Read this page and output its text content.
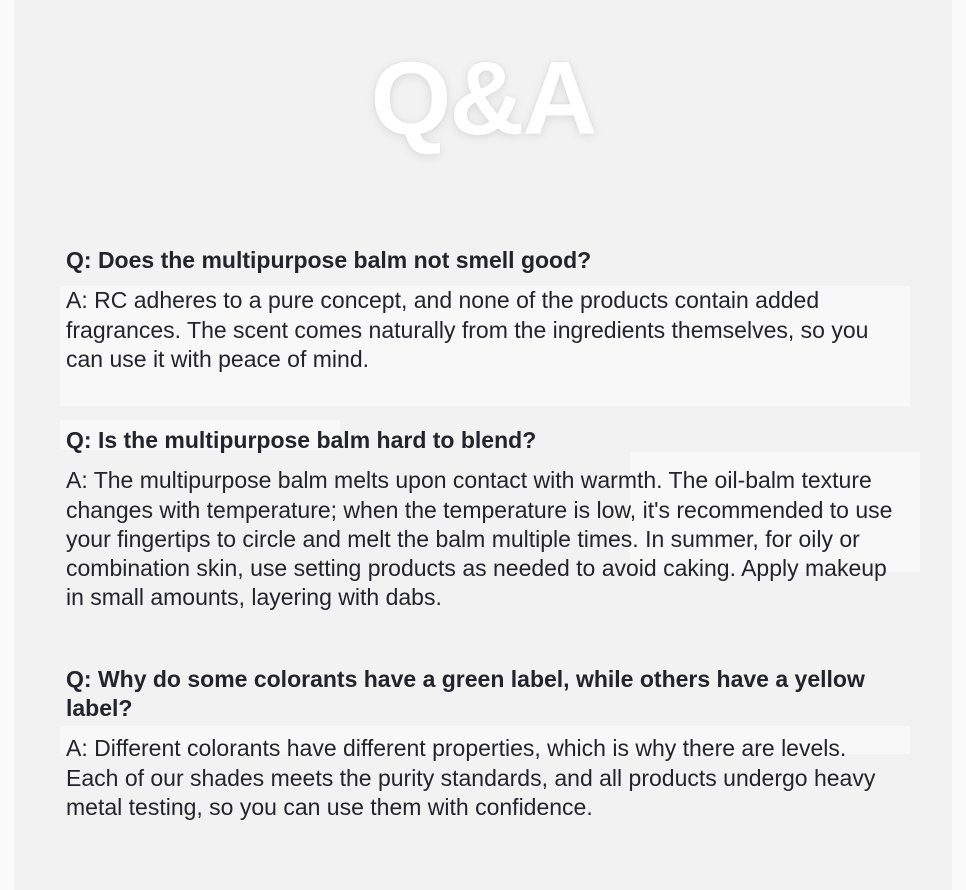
Q&A

Q: Does the multipurpose balm not smell good?

A: RC adheres to a pure concept, and none of the products contain added fragrances. The scent comes naturally from the ingredients themselves, so you can use it with peace of mind.

Q: Is the multipurpose balm hard to blend?

A: The multipurpose balm melts upon contact with warmth. The oil-balm texture changes with temperature; when the temperature is low, it's recommended to use your fingertips to circle and melt the balm multiple times. In summer, for oily or combination skin, use setting products as needed to avoid caking. Apply makeup in small amounts, layering with dabs.

Q: Why do some colorants have a green label, while others have a yellow label?

A: Different colorants have different properties, which is why there are levels. Each of our shades meets the purity standards, and all products undergo heavy metal testing, so you can use them with confidence.
